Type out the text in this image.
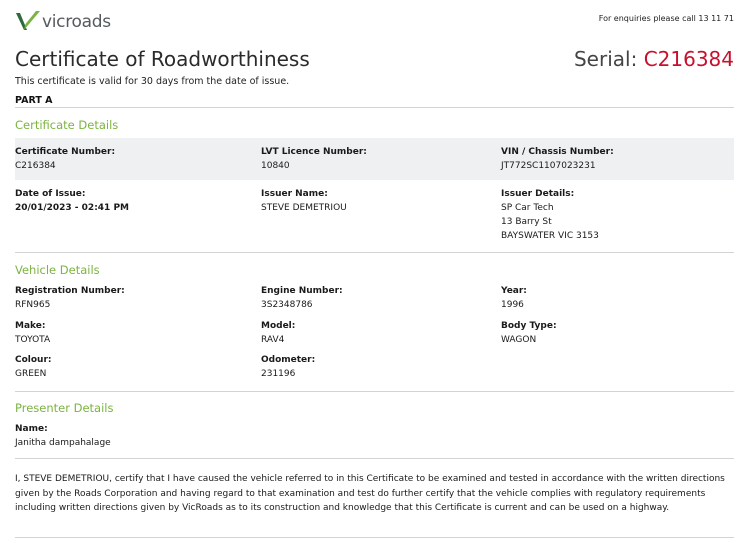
vicroads	For enquiries please call 13 11 71
Certificate of Roadworthiness	Serial: C216384
This certificate is valid for 30 days from the date of issue.
PART A
Certificate Details
Certificate Number:
C216384
LVT Licence Number:
10840
VIN / Chassis Number:
JT772SC1107023231
Date of Issue:
20/01/2023 - 02:41 PM
Issuer Name:
STEVE DEMETRIOU
Issuer Details:
SP Car Tech
13 Barry St
BAYSWATER VIC 3153
Vehicle Details
Registration Number:
RFN965
Engine Number:
3S2348786
Year:
1996
Make:
TOYOTA
Model:
RAV4
Body Type:
WAGON
Colour:
GREEN
Odometer:
231196
Presenter Details
Name:
Janitha dampahalage

I, STEVE DEMETRIOU, certify that I have caused the vehicle referred to in this Certificate to be examined and tested in accordance with the written directions given by the Roads Corporation and having regard to that examination and test do further certify that the vehicle complies with regulatory requirements including written directions given by VicRoads as to its construction and knowledge that this Certificate is current and can be used on a highway.
